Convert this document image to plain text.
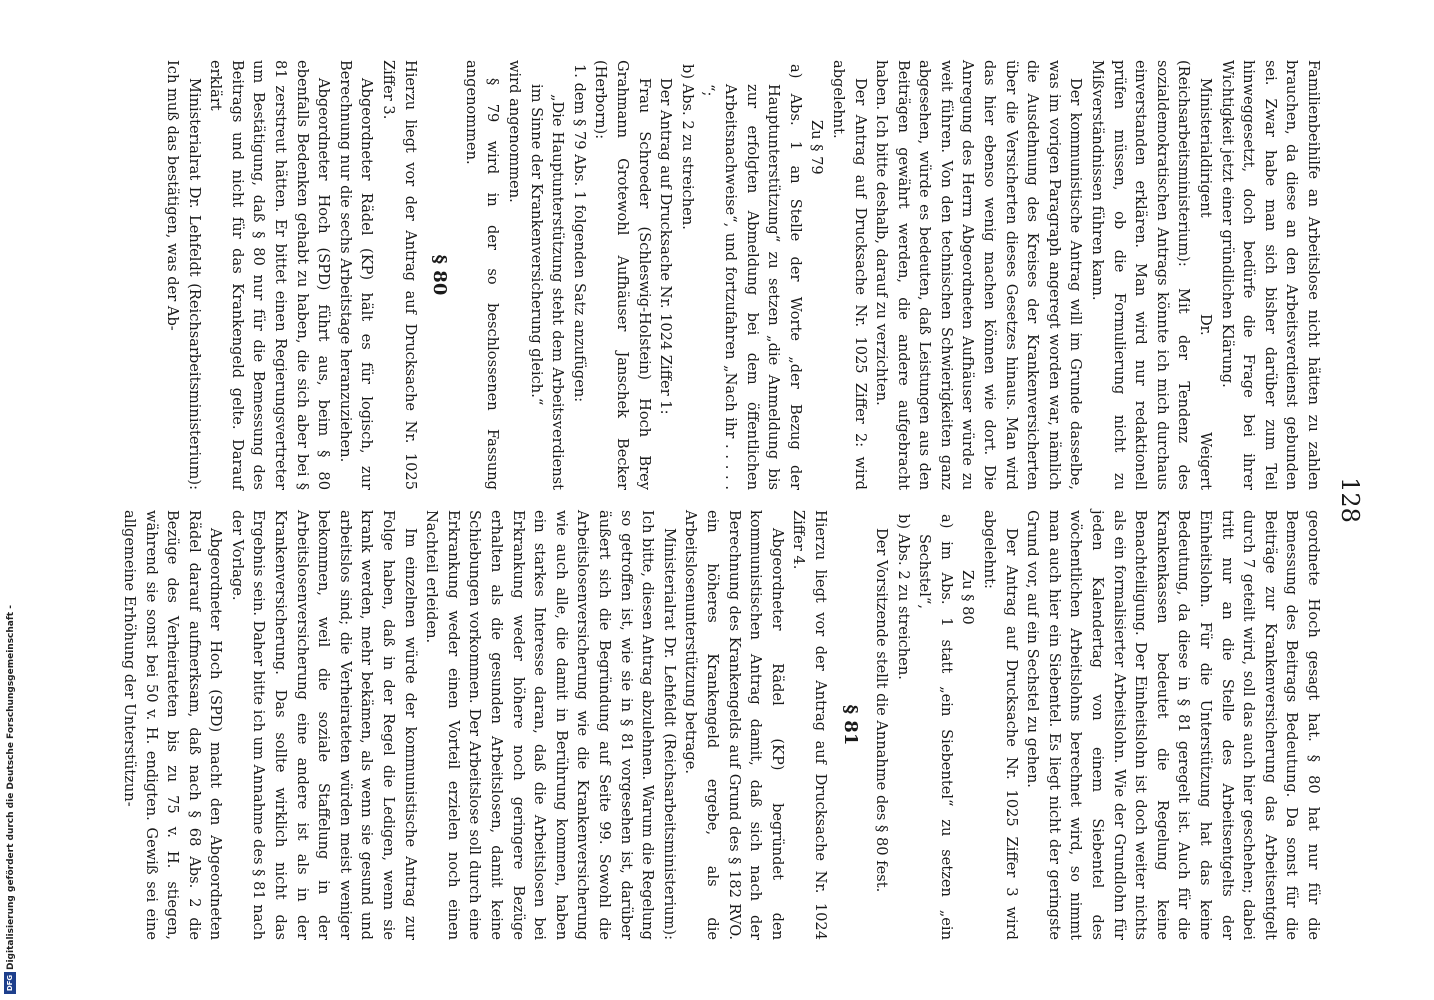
128

Familienbeihilfe an Arbeitslose nicht hätten zu zahlen brauchen, da diese an den Arbeitsverdienst gebunden sei. Zwar habe man sich bisher darüber zum Teil hinweggesetzt, doch bedürfe die Frage bei ihrer Wichtigkeit jetzt einer gründlichen Klärung.

Ministerialdirigent Dr. Weigert (Reichsarbeitsministerium): Mit der Tendenz des sozialdemokratischen Antrags könnte ich mich durchaus einverstanden erklären. Man wird nur redaktionell prüfen müssen, ob die Formulierung nicht zu Mißverständnissen führen kann.

Der kommunistische Antrag will im Grunde dasselbe, was im vorigen Paragraph angeregt worden war, nämlich die Ausdehnung des Kreises der Krankenversicherten über die Versicherten dieses Gesetzes hinaus. Man wird das hier ebenso wenig machen können wie dort. Die Anregung des Herrn Abgeordneten Aufhäuser würde zu weit führen. Von den technischen Schwierigkeiten ganz abgesehen, würde es bedeuten, daß Leistungen aus den Beiträgen gewährt werden, die andere aufgebracht haben. Ich bitte deshalb, darauf zu verzichten.

Der Antrag auf Drucksache Nr. 1025 Ziffer 2: wird abgelehnt.

Zu § 79

a) Abs. 1 an Stelle der Worte „der Bezug der Hauptunterstützung“ zu setzen „die Anmeldung bis zur erfolgten Abmeldung bei dem öffentlichen Arbeitsnachweise“, und fortzufahren „Nach ihr . . . . . “;

b) Abs. 2 zu streichen.

Der Antrag auf Drucksache Nr. 1024 Ziffer 1:

Frau Schroeder (Schleswig-Holstein) Hoch Brey Grahmann Grotewohl Aufhäuser Janschek Becker (Herborn):

1. dem § 79 Abs. 1 folgenden Satz anzufügen:

„Die Hauptunterstützung steht dem Arbeitsverdienst im Sinne der Krankenversicherung gleich.“

wird angenommen.

§ 79 wird in der so beschlossenen Fassung angenommen.

§ 80

Hierzu liegt vor der Antrag auf Drucksache Nr. 1025 Ziffer 3.

Abgeordneter Rädel (KP) hält es für logisch, zur Berechnung nur die sechs Arbeitstage heranzuziehen.

Abgeordneter Hoch (SPD) führt aus, beim § 80 ebenfalls Bedenken gehabt zu haben, die sich aber bei § 81 zerstreut hätten. Er bittet einen Regierungsvertreter um Bestätigung, daß § 80 nur für die Bemessung des Beitrags und nicht für das Krankengeld gelte. Darauf erklärt

Ministerialrat Dr. Lehfeldt (Reichsarbeitsministerium): Ich muß das bestätigen, was der Ab-

geordnete Hoch gesagt hat. § 80 hat nur für die Bemessung des Beitrags Bedeutung. Da sonst für die Beiträge zur Krankenversicherung das Arbeitsentgelt durch 7 geteilt wird, soll das auch hier geschehen; dabei tritt nur an die Stelle des Arbeitsentgelts der Einheitslohn. Für die Unterstützung hat das keine Bedeutung, da diese in § 81 geregelt ist. Auch für die Krankenkassen bedeutet die Regelung keine Benachteiligung. Der Einheitslohn ist doch weiter nichts als ein formalisierter Arbeitslohn. Wie der Grundlohn für jeden Kalendertag von einem Siebentel des wöchentlichen Arbeitslohns berechnet wird, so nimmt man auch hier ein Siebentel. Es liegt nicht der geringste Grund vor, auf ein Sechstel zu gehen.

Der Antrag auf Drucksache Nr. 1025 Ziffer 3 wird abgelehnt:

Zu § 80

a) im Abs. 1 statt „ein Siebentel“ zu setzen „ein Sechstel“,

b) Abs. 2 zu streichen.

Der Vorsitzende stellt die Annahme des § 80 fest.

§ 81

Hierzu liegt vor der Antrag auf Drucksache Nr. 1024 Ziffer 4.

Abgeordneter Rädel (KP) begründet den kommunistischen Antrag damit, daß sich nach der Berechnung des Krankengelds auf Grund des § 182 RVO. ein höheres Krankengeld ergebe, als die Arbeitslosenunterstützung betrage.

Ministerialrat Dr. Lehfeldt (Reichsarbeitsministerium): Ich bitte, diesen Antrag abzulehnen. Warum die Regelung so getroffen ist, wie sie in § 81 vorgesehen ist, darüber äußert sich die Begründung auf Seite 99. Sowohl die Arbeitslosenversicherung wie die Krankenversicherung wie auch alle, die damit in Berührung kommen, haben ein starkes Interesse daran, daß die Arbeitslosen bei Erkrankung weder höhere noch geringere Bezüge erhalten als die gesunden Arbeitslosen, damit keine Schiebungen vorkommen. Der Arbeitslose soll durch eine Erkrankung weder einen Vorteil erzielen noch einen Nachteil erleiden.

Im einzelnen würde der kommunistische Antrag zur Folge haben, daß in der Regel die Ledigen, wenn sie krank werden, mehr bekämen, als wenn sie gesund und arbeitslos sind; die Verheirateten würden meist weniger bekommen, weil die soziale Staffelung in der Arbeitslosenversicherung eine andere ist als in der Krankenversicherung. Das sollte wirklich nicht das Ergebnis sein. Daher bitte ich um Annahme des § 81 nach der Vorlage.

Abgeordneter Hoch (SPD) macht den Abgeordneten Rädel darauf aufmerksam, daß nach § 68 Abs. 2 die Bezüge des Verheirateten bis zu 75 v. H. stiegen, während sie sonst bei 50 v. H. endigten. Gewiß sei eine allgemeine Erhöhung der Unterstützun-

Digitalisierung gefördert durch die Deutsche Forschungsgemeinschaft -
DFG
